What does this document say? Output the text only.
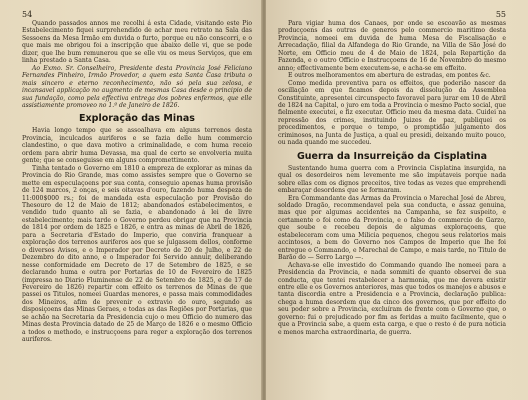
54

Quando passados annos me recolhi á esta Cidade, visitando este Pio Estabelecimento fiquei surprehendido de achar meu retrato na Sala das Sessoens da Mesa Irmão em duvida o furto, porque eu não conscorri, e o que mais me obrigou foi a inscripção que abaixo delle vi, que se pode dizer, que lhe bum remunerou que se elle viu os meus Serviços, que em linha prestado a Santa Casa.

Ao Exmo. Sr. Conselheiro, Presidente desta Provincia José Feliciano Fernandes Pinheiro, Irmão Provedor, a quem esta Santa Casa tributa o mais sincero e eterno reconhecimento, não só pela sua zelosa, e incansavel applicação no augmento de mesmas Casa desde o principio de sua fundação, como pela effectiva entrega dos pobres enfermos, que elle assistiamente promoveo no 1.º de Janeiro de 1826.

Exploração das Minas

Havia longo tempo que se assoalhava em alguns terrenos desta Provincia, inculcados auriferos e se fazia delle hum commercio clandestino, o que dava motivo a criminalidade, e com huma receio ordem para abrir huma Devassa, ma qual de certo se envolveria muita gente; que se conseguisse em alguns compromettimento.

Tinha tentado o Governo em 1810 a empreza de explorar as minas da Provincia do Rio Grande, mas como assistes sempre que o Governo se mette em especulaçoens por sua conta, conseguio apenas huma provisão de 124 marcos, 2 onças, e seis oitavas d'ouro, fazendo huma despeza de 11:000$000 rs.; foi de mandada esta especulação por Provisão do Thesouro de 12 de Maio de 1812; abandonados estabelecimentos, e vendido tudo quanto ali se fazia, e abandonado á lei de livre estabelecimento; mais tarde o Governo perdeu obrigar que na Provincia de 1814 por ordem de 1825 e 1826, e entra as minas de Abril de 1826, para a Secretaria d'Estado do Imperio, que conviria franquear a exploração dos terrenos auriferos aos que se julgassem dellos, conforme o diversos Avisos, e o Imperador por Decreto de 20 de Julho, e 22 de Dezembro do dito anno, e o Imperador foi Servido annuir, deliberando nesse conformidade em Decreto de 17 de Setembro de 1825, e se declarando huma e outra por Portarias de 10 de Fevereiro de 1825 (impressa no Diario Fluminense de 22 de Setembro de 1825, e de 17 de Fevereiro de 1826) repartir com effeito os terrenos de Minas de que passei os Titulos, nomeei Guardas menores, e passa mais commodidades dos Mineiros, afim de prevenir o extravio do ouro, segundo as disposiçoens das Minas Geraes, e todas as das Regiões por Portarias, que se achão na Secretaria da Presidencia cujo o meu Officio do numero das Minas desta Provincia datado de 25 de Março de 1826 e o mesmo Officio a todos o methodo, e instrucçoens para reger a exploração dos terrenos auriferos.

55

Para vigiar huma dos Canaes, por onde se escoavão as mesmas producçoens das outras de generos pelo commercio maritimo desta Provincia, nomeei em duvida de huma Mesa de Fiscalisação e Arrecadação, filial da Alfandega do Rio Grande, na Villa de São José do Norte, em Officio meu de 4 de Maio de 1824, pela Repartição da Fazenda, e o outro Officio e Instrucçoens de 16 de Novembro do mesmo anno; effectivamente bem executem-se, e acha-se em effeito.

E outros melhoramentos em abertura de estradas, em pontes &c.

Como medida preventiva para os effeitos, que poderião nascer da oscillação em que ficamos depois da dissolução da Assemblea Constituinte, apresentei circunspecto favoravel para jurar em 10 de Abril de 1824 na Capital, o juro em toda a Provincia o mesmo Pacto social, que fielmente executei, e fiz executar. Officio meu da mesma data. Cuidei na repressão dos crimes, instituindo Juizes de paz, publiquei os procedimentos, e porque o tempo, o promptidão julgamento dos criminosos, na Junta de Justiça, a qual eu presidi, deixando muito pouco, ou nada quando me succedeu.

Guerra da Insurreição da Cisplatina

Sustentando huma guerra com a Provincia Cisplatina insurgida, na qual os desordeiros nem levemente me são imputaveis porque nada sobre ellas com os dignos preceitos, tive todas as vezes que emprehendi embaraçar desordens que se formaram.

Era Commandante das Armas da Provincia o Marechal José de Abreu, soldado Dragão, recommendavel pela sua conducta, e assaz genuina, mas que por algumas accidentes na Campanha, se fez suspeito, e certamente o foi como da Provincia, e o falso do commercio de Garzo, que soube e recebeu depois de algumas exploraçoens, que estabeleceram com uma Milicia pequenos, chegou seus relatorios mais accintosos, a bem do Governo nos Campos de Imperio que lhe foi entregue o Commando, e Marechal de Campo, e mais tarde, no Titulo de Barão do — Serro Largo —.

Achava-se elle investido do Commando quando lhe nomeei para a Presidencia da Provincia, e nada sommiti de quanto observei de sua conducta, que tentei restabelecer a harmonia, que me devera existir entre elle e os Governos anteriores, mas que todos os manejos e abusos e tanta discordia entre a Presidencia e a Provincia, declaração publica: chega a huma desordem que da cinco dos governos, que por effeito do seu poder sobre a Provincia, excluíram de frente com o Governo que, o governo: fui o prejudicado por fim as feridas a muito facilmente, que o que a Provincia sabe, a quem esta carga, e que o resto é de pura noticia e menos marcha extraordinaria, de guerra.
